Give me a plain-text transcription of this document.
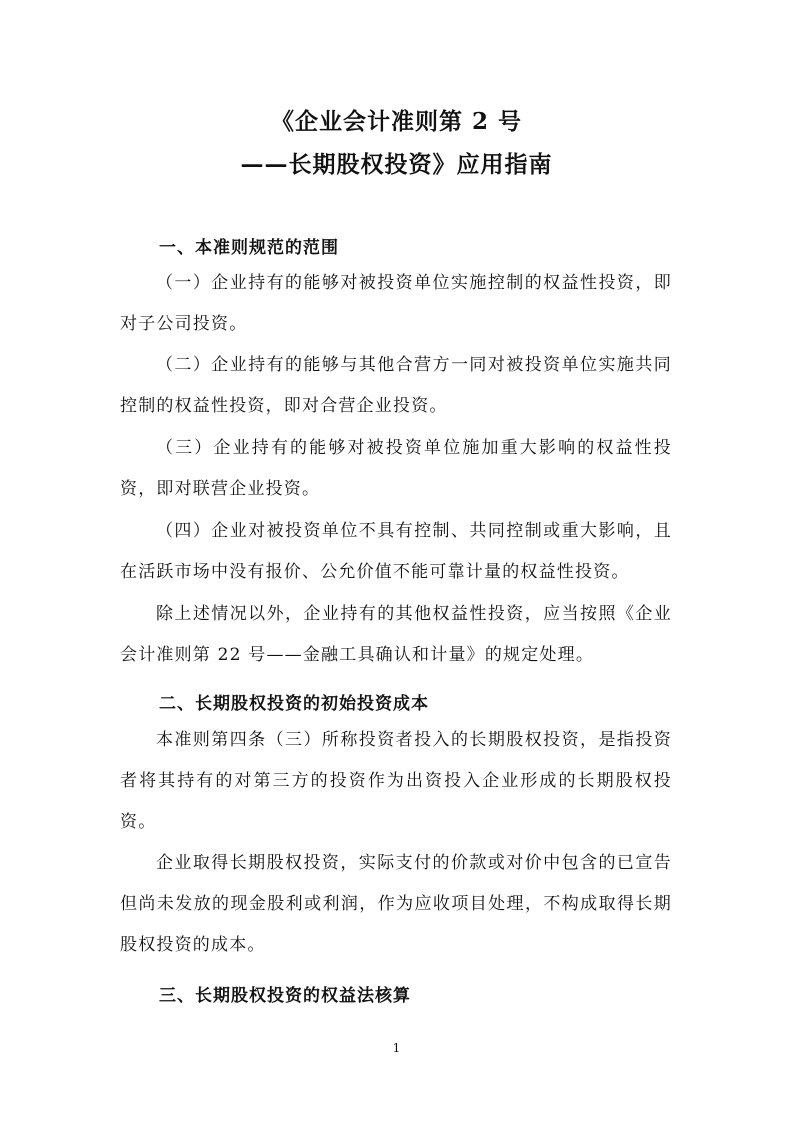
《企业会计准则第 2 号
——长期股权投资》应用指南
一、本准则规范的范围
（一）企业持有的能够对被投资单位实施控制的权益性投资，即对子公司投资。
（二）企业持有的能够与其他合营方一同对被投资单位实施共同控制的权益性投资，即对合营企业投资。
（三）企业持有的能够对被投资单位施加重大影响的权益性投资，即对联营企业投资。
（四）企业对被投资单位不具有控制、共同控制或重大影响，且在活跃市场中没有报价、公允价值不能可靠计量的权益性投资。
除上述情况以外，企业持有的其他权益性投资，应当按照《企业会计准则第 22 号——金融工具确认和计量》的规定处理。
二、长期股权投资的初始投资成本
本准则第四条（三）所称投资者投入的长期股权投资，是指投资者将其持有的对第三方的投资作为出资投入企业形成的长期股权投资。
企业取得长期股权投资，实际支付的价款或对价中包含的已宣告但尚未发放的现金股利或利润，作为应收项目处理，不构成取得长期股权投资的成本。
三、长期股权投资的权益法核算
1
